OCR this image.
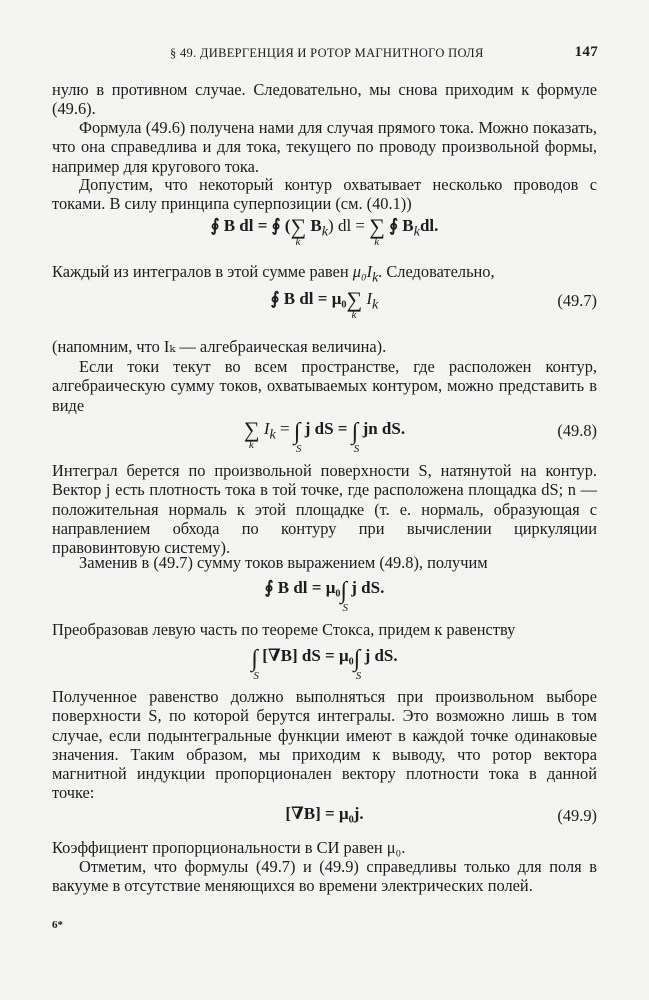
§ 49. ДИВЕРГЕНЦИЯ И РОТОР МАГНИТНОГО ПОЛЯ	147

нулю в противном случае. Следовательно, мы снова приходим к формуле (49.6).

Формула (49.6) получена нами для случая прямого тока. Можно показать, что она справедлива и для тока, текущего по проводу произвольной формы, например для кругового тока.

Допустим, что некоторый контур охватывает несколько проводов с токами. В силу принципа суперпозиции (см. (40.1))

∮ B dl = ∮ (∑
k
$B_k$) dl = ∑
k
∮ $B_kdl$.

Каждый из интегралов в этой сумме равен $\mu_0I_k$. Следовательно,

∮ B dl = μ₀∑
k
$I_k$	(49.7)

(напомним, что Iₖ — алгебраическая величина).

Если токи текут во всем пространстве, где расположен контур, алгебраическую сумму токов, охватываемых контуром, можно представить в виде

∑
k
$I_k$ = ∫
S
j dS = ∫
S
jn dS.	(49.8)

Интеграл берется по произвольной поверхности S, натянутой на контур. Вектор j есть плотность тока в той точке, где расположена площадка dS; n — положительная нормаль к этой площадке (т. е. нормаль, образующая с направлением обхода по контуру при вычислении циркуляции правовинтовую систему).

Заменив в (49.7) сумму токов выражением (49.8), получим

∮ B dl = μ₀∫
S
j dS.

Преобразовав левую часть по теореме Стокса, придем к равенству

∫
S
[∇B] dS = μ₀∫
S
j dS.

Полученное равенство должно выполняться при произвольном выборе поверхности S, по которой берутся интегралы. Это возможно лишь в том случае, если подынтегральные функции имеют в каждой точке одинаковые значения. Таким образом, мы приходим к выводу, что ротор вектора магнитной индукции пропорционален вектору плотности тока в данной точке:

[∇B] = μ₀j.	(49.9)

Коэффициент пропорциональности в СИ равен μ₀.

Отметим, что формулы (49.7) и (49.9) справедливы только для поля в вакууме в отсутствие меняющихся во времени электрических полей.

6*
